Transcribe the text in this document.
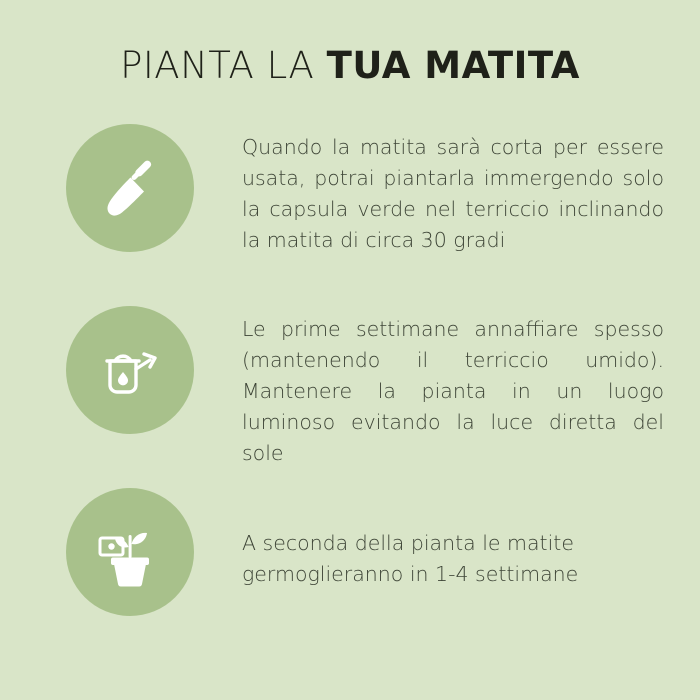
PIANTA LA TUA MATITA
Quando la matita sarà corta per essere usata, potrai piantarla immergendo solo la capsula verde nel terriccio inclinando la matita di circa 30 gradi
Le prime settimane annaffiare spesso (mantenendo il terriccio umido). Mantenere la pianta in un luogo luminoso evitando la luce diretta del sole
A seconda della pianta le matite germoglieranno in 1-4 settimane
